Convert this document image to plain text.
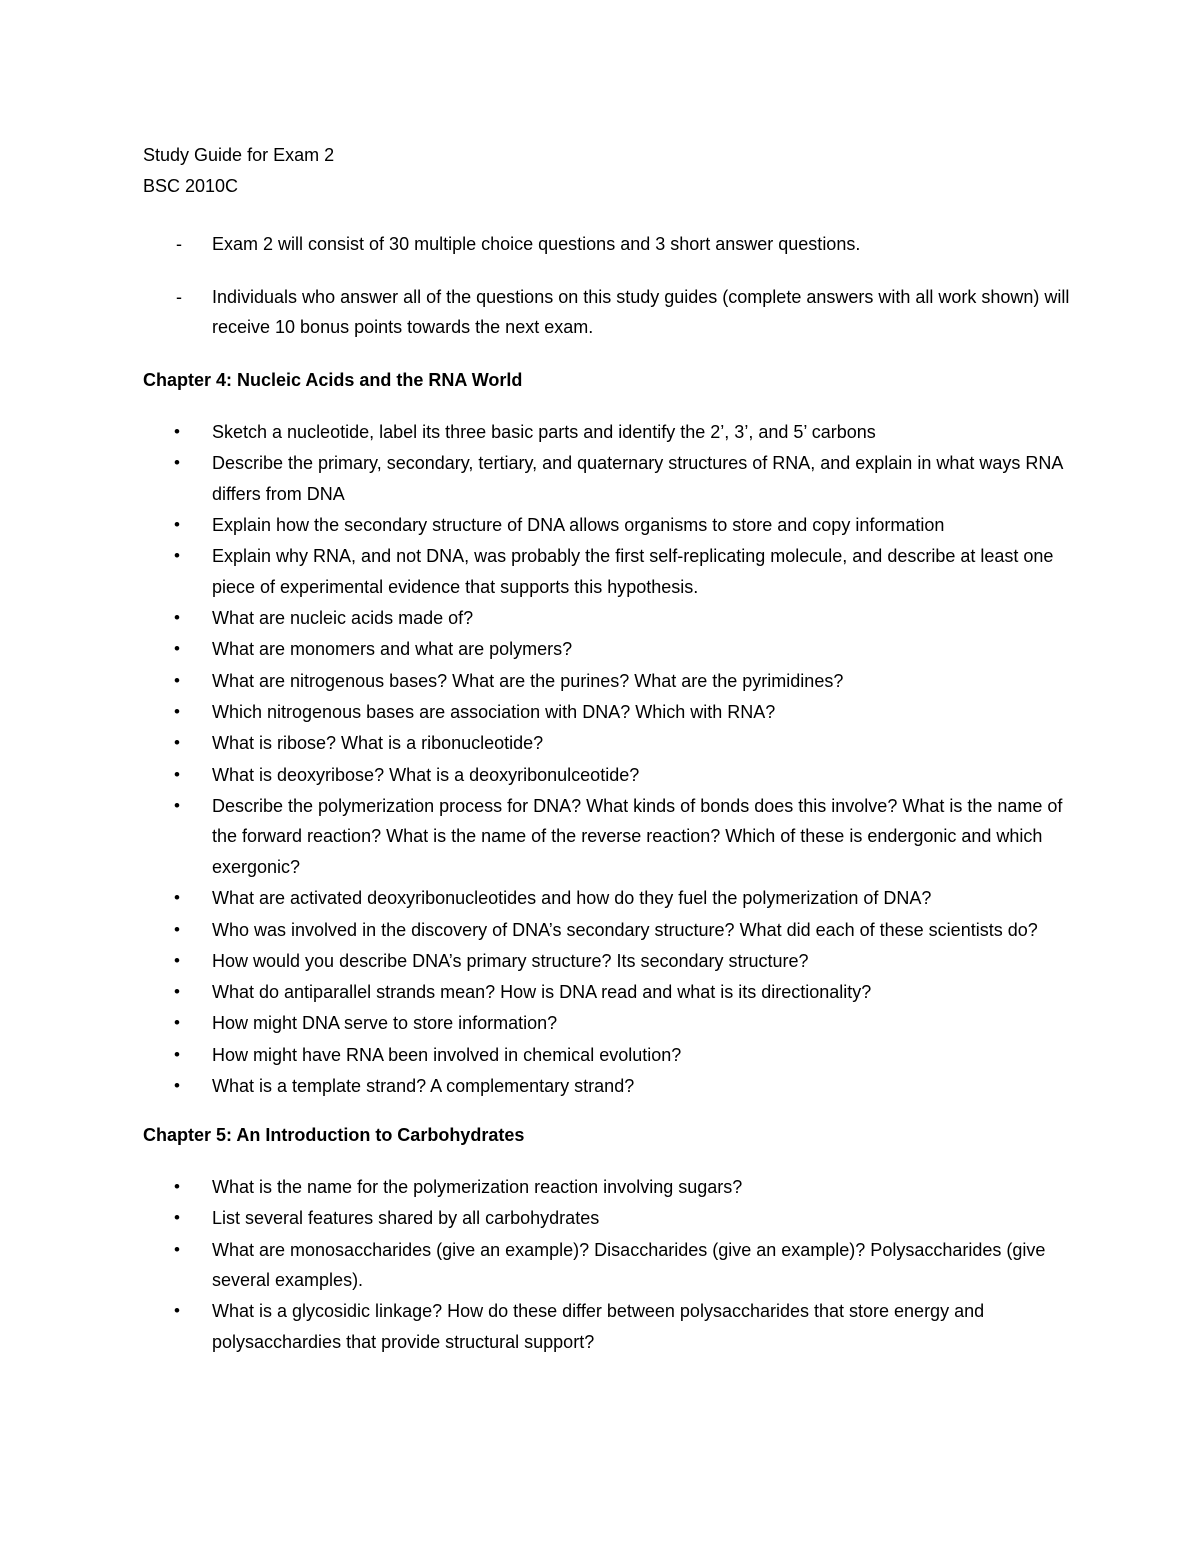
Study Guide for Exam 2

BSC 2010C

- Exam 2 will consist of 30 multiple choice questions and 3 short answer questions.
- Individuals who answer all of the questions on this study guides (complete answers with all work shown) will receive 10 bonus points towards the next exam.

Chapter 4: Nucleic Acids and the RNA World

• Sketch a nucleotide, label its three basic parts and identify the 2’, 3’, and 5’ carbons
• Describe the primary, secondary, tertiary, and quaternary structures of RNA, and explain in what ways RNA differs from DNA
• Explain how the secondary structure of DNA allows organisms to store and copy information
• Explain why RNA, and not DNA, was probably the first self-replicating molecule, and describe at least one piece of experimental evidence that supports this hypothesis.
• What are nucleic acids made of?
• What are monomers and what are polymers?
• What are nitrogenous bases? What are the purines? What are the pyrimidines?
• Which nitrogenous bases are association with DNA? Which with RNA?
• What is ribose? What is a ribonucleotide?
• What is deoxyribose? What is a deoxyribonulceotide?
• Describe the polymerization process for DNA? What kinds of bonds does this involve? What is the name of the forward reaction? What is the name of the reverse reaction? Which of these is endergonic and which exergonic?
• What are activated deoxyribonucleotides and how do they fuel the polymerization of DNA?
• Who was involved in the discovery of DNA’s secondary structure? What did each of these scientists do?
• How would you describe DNA’s primary structure? Its secondary structure?
• What do antiparallel strands mean? How is DNA read and what is its directionality?
• How might DNA serve to store information?
• How might have RNA been involved in chemical evolution?
• What is a template strand? A complementary strand?

Chapter 5: An Introduction to Carbohydrates

• What is the name for the polymerization reaction involving sugars?
• List several features shared by all carbohydrates
• What are monosaccharides (give an example)? Disaccharides (give an example)? Polysaccharides (give several examples).
• What is a glycosidic linkage? How do these differ between polysaccharides that store energy and polysacchardies that provide structural support?
